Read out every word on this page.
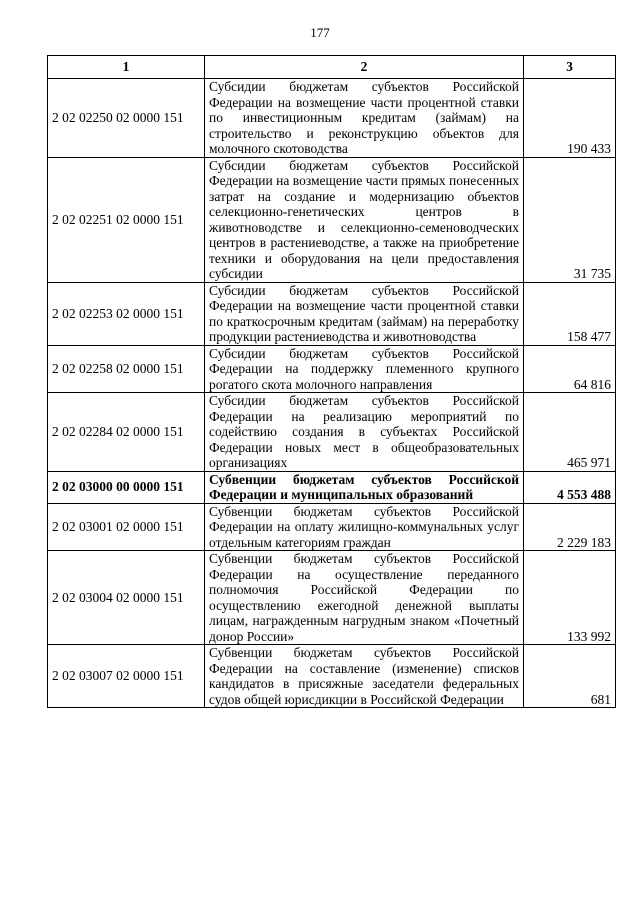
177
1	2	3
2 02 02250 02 0000 151	Субсидии бюджетам субъектов Российской Федерации на возмещение части процентной ставки по инвестиционным кредитам (займам) на строительство и реконструкцию объектов для молочного скотоводства	190 433
2 02 02251 02 0000 151	Субсидии бюджетам субъектов Российской Федерации на возмещение части прямых понесенных затрат на создание и модернизацию объектов селекционно-генетических центров в животноводстве и селекционно-семеноводческих центров в растениеводстве, а также на приобретение техники и оборудования на цели предоставления субсидии	31 735
2 02 02253 02 0000 151	Субсидии бюджетам субъектов Российской Федерации на возмещение части процентной ставки по краткосрочным кредитам (займам) на переработку продукции растениеводства и животноводства	158 477
2 02 02258 02 0000 151	Субсидии бюджетам субъектов Российской Федерации на поддержку племенного крупного рогатого скота молочного направления	64 816
2 02 02284 02 0000 151	Субсидии бюджетам субъектов Российской Федерации на реализацию мероприятий по содействию создания в субъектах Российской Федерации новых мест в общеобразовательных организациях	465 971
2 02 03000 00 0000 151	Субвенции бюджетам субъектов Российской Федерации и муниципальных образований	4 553 488
2 02 03001 02 0000 151	Субвенции бюджетам субъектов Российской Федерации на оплату жилищно-коммунальных услуг отдельным категориям граждан	2 229 183
2 02 03004 02 0000 151	Субвенции бюджетам субъектов Российской Федерации на осуществление переданного полномочия Российской Федерации по осуществлению ежегодной денежной выплаты лицам, награжденным нагрудным знаком «Почетный донор России»	133 992
2 02 03007 02 0000 151	Субвенции бюджетам субъектов Российской Федерации на составление (изменение) списков кандидатов в присяжные заседатели федеральных судов общей юрисдикции в Российской Федерации	681
